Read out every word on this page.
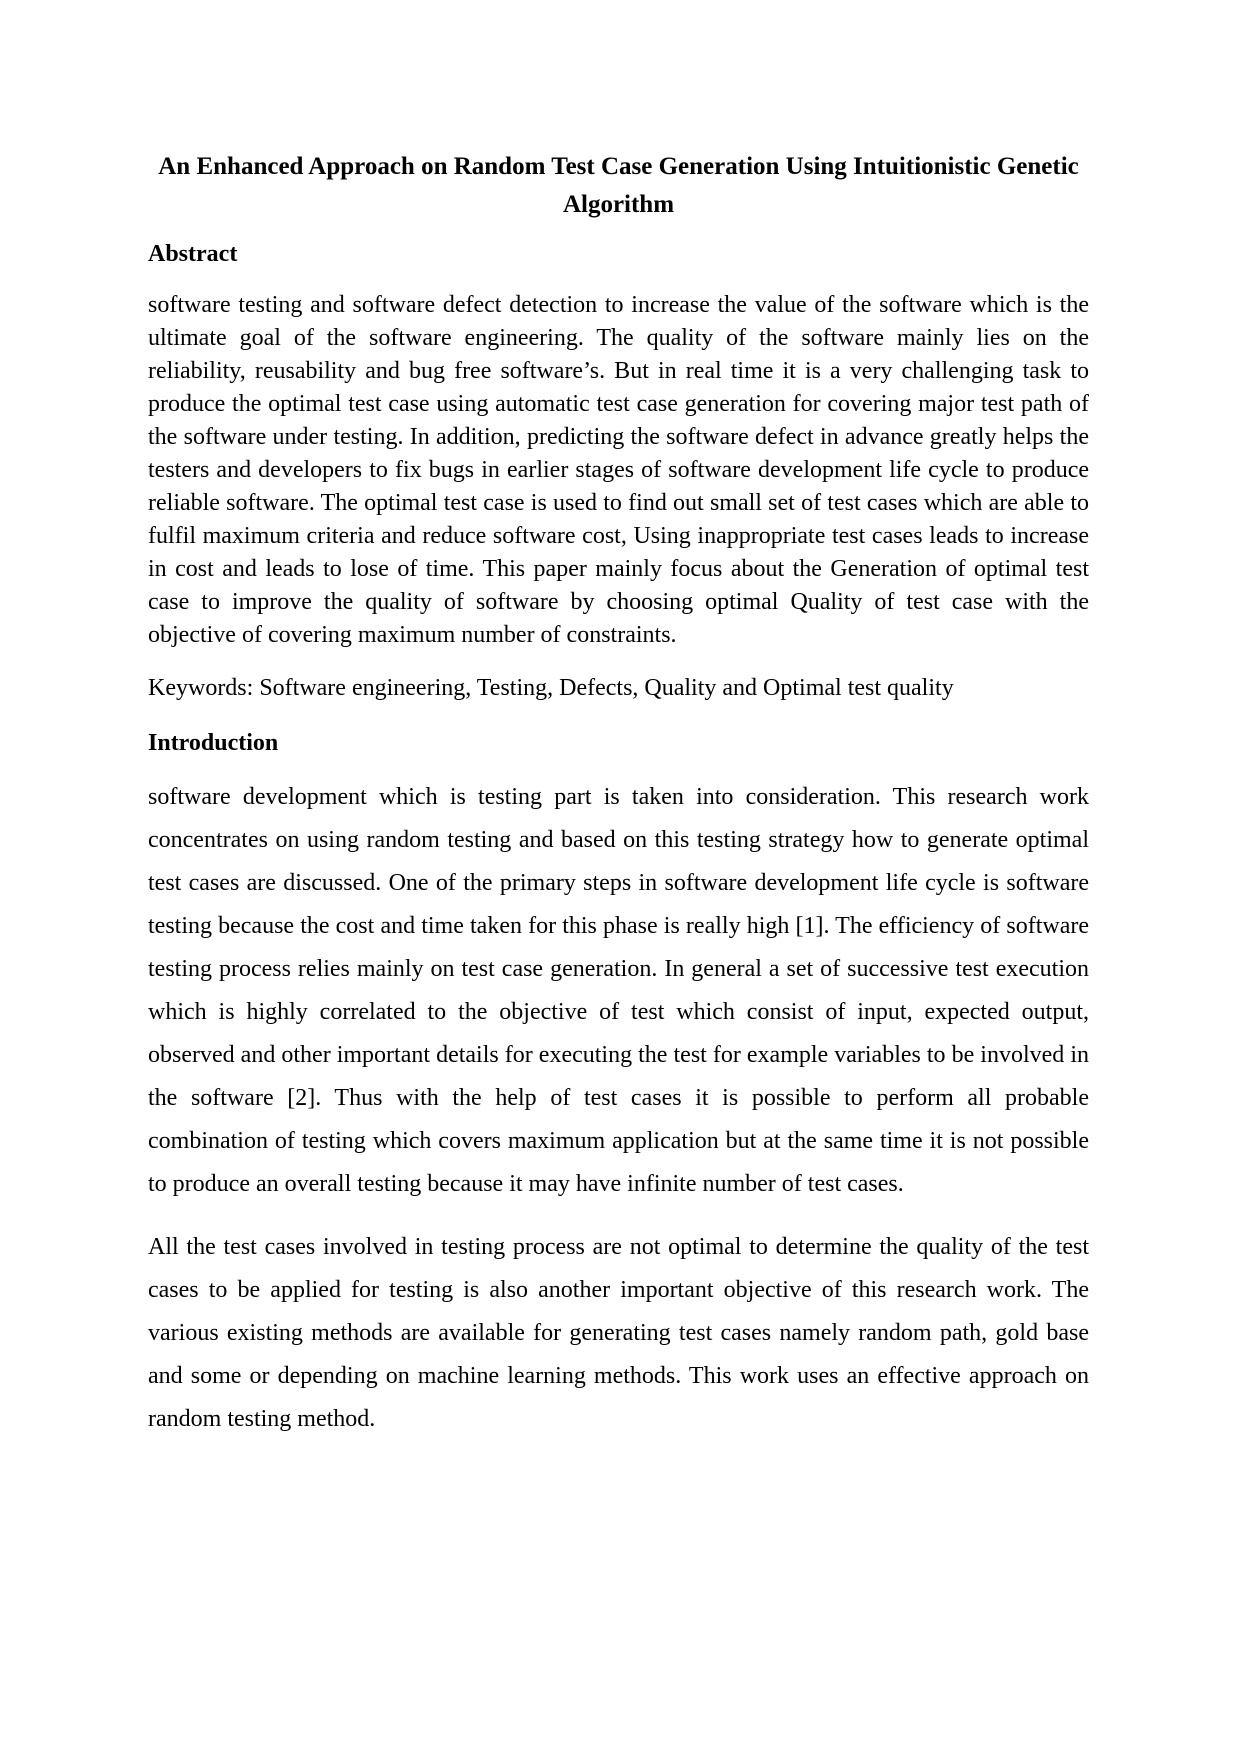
An Enhanced Approach on Random Test Case Generation Using Intuitionistic Genetic
Algorithm
Abstract

software testing and software defect detection to increase the value of the software which is the ultimate goal of the software engineering. The quality of the software mainly lies on the reliability, reusability and bug free software’s. But in real time it is a very challenging task to produce the optimal test case using automatic test case generation for covering major test path of the software under testing. In addition, predicting the software defect in advance greatly helps the testers and developers to fix bugs in earlier stages of software development life cycle to produce reliable software. The optimal test case is used to find out small set of test cases which are able to fulfil maximum criteria and reduce software cost, Using inappropriate test cases leads to increase in cost and leads to lose of time. This paper mainly focus about the Generation of optimal test case to improve the quality of software by choosing optimal Quality of test case with the objective of covering maximum number of constraints.

Keywords: Software engineering, Testing, Defects, Quality and Optimal test quality

Introduction

software development which is testing part is taken into consideration. This research work concentrates on using random testing and based on this testing strategy how to generate optimal test cases are discussed. One of the primary steps in software development life cycle is software testing because the cost and time taken for this phase is really high [1]. The efficiency of software testing process relies mainly on test case generation. In general a set of successive test execution which is highly correlated to the objective of test which consist of input, expected output, observed and other important details for executing the test for example variables to be involved in the software [2]. Thus with the help of test cases it is possible to perform all probable combination of testing which covers maximum application but at the same time it is not possible to produce an overall testing because it may have infinite number of test cases.

All the test cases involved in testing process are not optimal to determine the quality of the test cases to be applied for testing is also another important objective of this research work. The various existing methods are available for generating test cases namely random path, gold base and some or depending on machine learning methods. This work uses an effective approach on random testing method.
